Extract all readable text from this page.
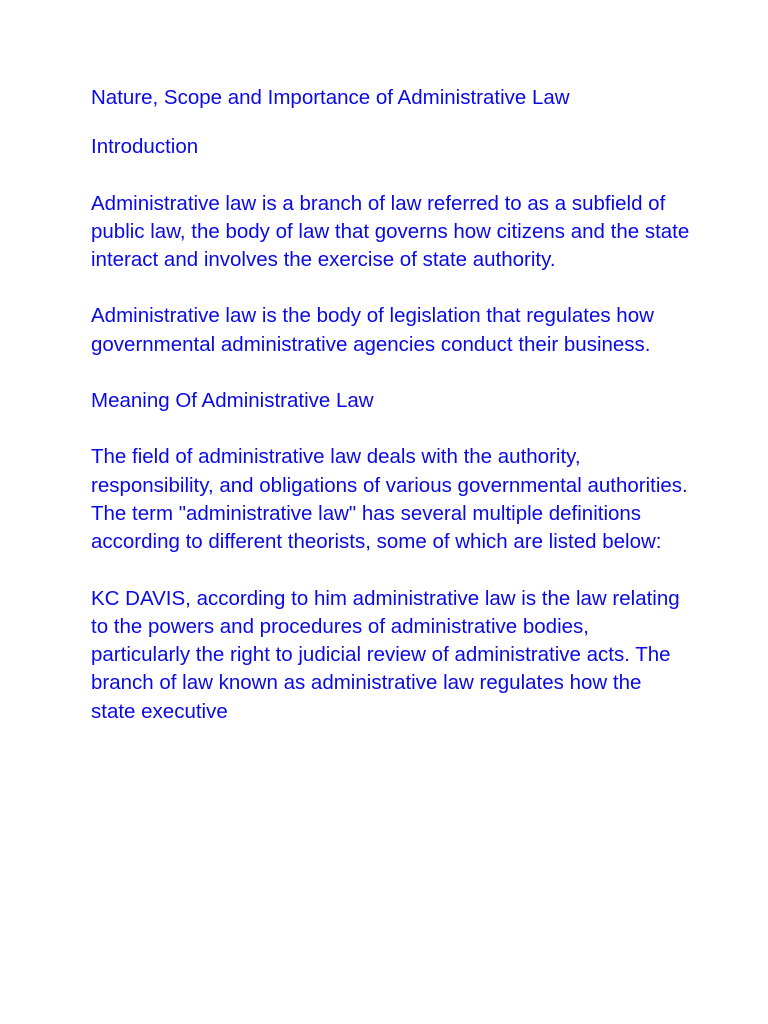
Nature, Scope and Importance of Administrative Law

Introduction

Administrative law is a branch of law referred to as a subfield of public law, the body of law that governs how citizens and the state interact and involves the exercise of state authority.

Administrative law is the body of legislation that regulates how governmental administrative agencies conduct their business.

Meaning Of Administrative Law

The field of administrative law deals with the authority, responsibility, and obligations of various governmental authorities. The term "administrative law" has several multiple definitions according to different theorists, some of which are listed below:

KC DAVIS, according to him administrative law is the law relating to the powers and procedures of administrative bodies, particularly the right to judicial review of administrative acts. The branch of law known as administrative law regulates how the state executive
